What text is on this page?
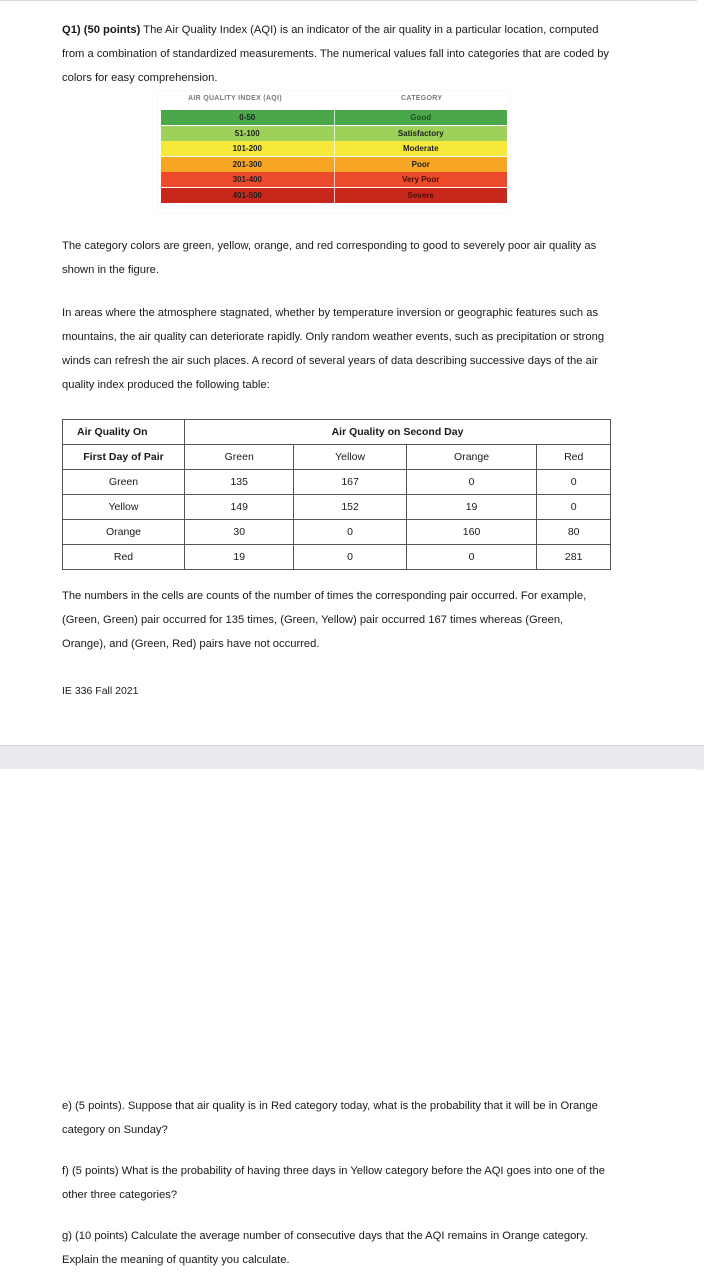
Q1) (50 points) The Air Quality Index (AQI) is an indicator of the air quality in a particular location, computed from a combination of standardized measurements. The numerical values fall into categories that are coded by colors for easy comprehension.

AIR QUALITY INDEX (AQI)	CATEGORY
0-50	Good
51-100	Satisfactory
101-200	Moderate
201-300	Poor
301-400	Very Poor
401-500	Severe

The category colors are green, yellow, orange, and red corresponding to good to severely poor air quality as shown in the figure.

In areas where the atmosphere stagnated, whether by temperature inversion or geographic features such as mountains, the air quality can deteriorate rapidly. Only random weather events, such as precipitation or strong winds can refresh the air such places. A record of several years of data describing successive days of the air quality index produced the following table:

Air Quality On	Air Quality on Second Day			
First Day of Pair	Green	Yellow	Orange	Red
Green	135	167	0	0
Yellow	149	152	19	0
Orange	30	0	160	80
Red	19	0	0	281

The numbers in the cells are counts of the number of times the corresponding pair occurred. For example, (Green, Green) pair occurred for 135 times, (Green, Yellow) pair occurred 167 times whereas (Green, Orange), and (Green, Red) pairs have not occurred.

IE 336 Fall 2021

e) (5 points). Suppose that air quality is in Red category today, what is the probability that it will be in Orange category on Sunday?

f) (5 points) What is the probability of having three days in Yellow category before the AQI goes into one of the other three categories?

g) (10 points) Calculate the average number of consecutive days that the AQI remains in Orange category. Explain the meaning of quantity you calculate.
